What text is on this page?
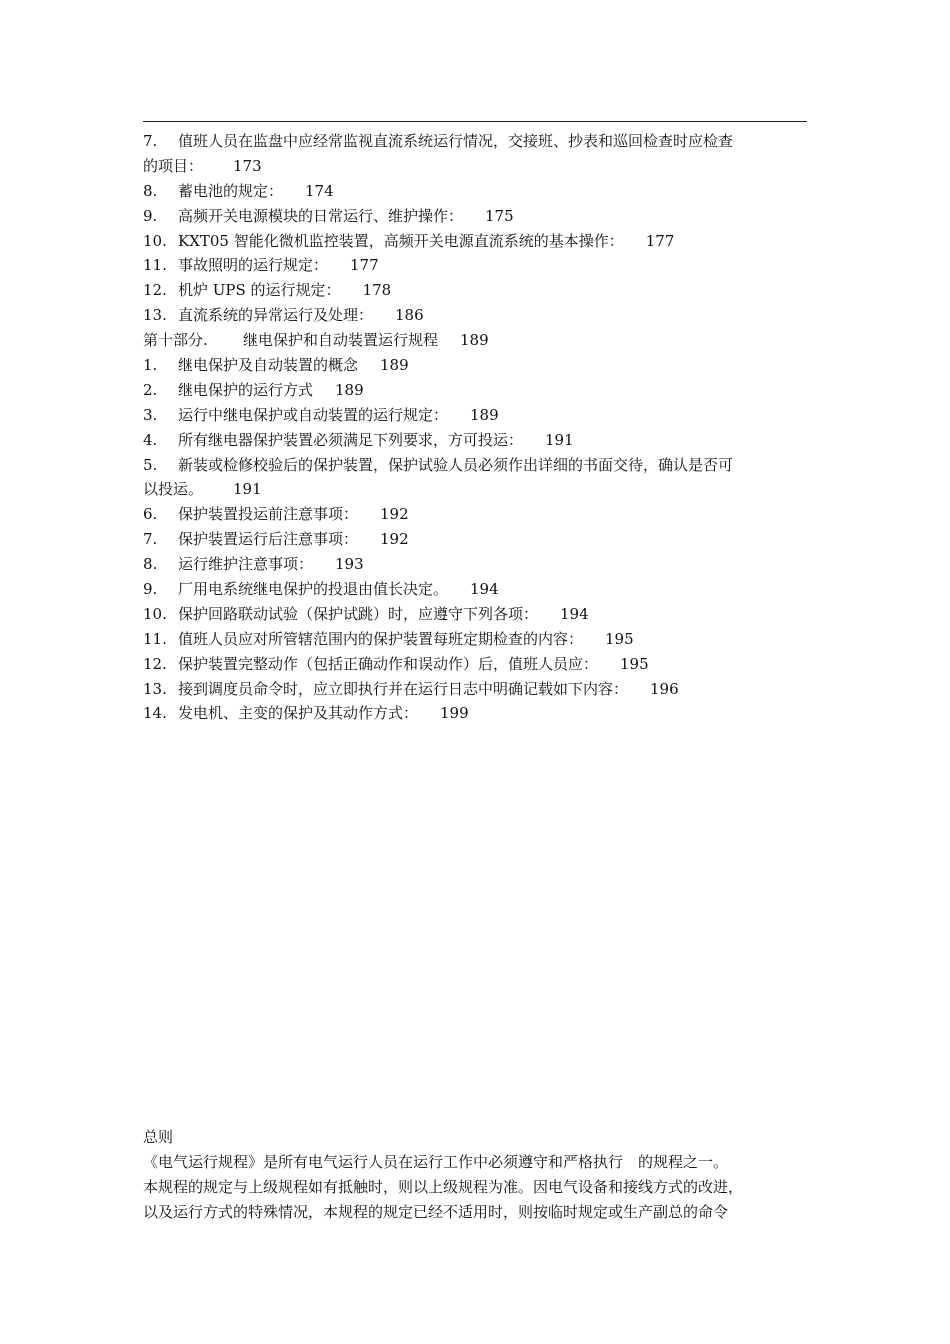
7. 值班人员在监盘中应经常监视直流系统运行情况，交接班、抄表和巡回检查时应检查
的项目： 173
8. 蓄电池的规定： 174
9. 高频开关电源模块的日常运行、维护操作： 175
10. KXT05 智能化微机监控装置，高频开关电源直流系统的基本操作： 177
11. 事故照明的运行规定： 177
12. 机炉 UPS 的运行规定： 178
13. 直流系统的异常运行及处理： 186
第十部分. 继电保护和自动装置运行规程 189
1. 继电保护及自动装置的概念 189
2. 继电保护的运行方式 189
3. 运行中继电保护或自动装置的运行规定： 189
4. 所有继电器保护装置必须满足下列要求，方可投运： 191
5. 新装或检修校验后的保护装置，保护试验人员必须作出详细的书面交待，确认是否可
以投运。 191
6. 保护装置投运前注意事项： 192
7. 保护装置运行后注意事项： 192
8. 运行维护注意事项： 193
9. 厂用电系统继电保护的投退由值长决定。 194
10. 保护回路联动试验（保护试跳）时，应遵守下列各项： 194
11. 值班人员应对所管辖范围内的保护装置每班定期检查的内容： 195
12. 保护装置完整动作（包括正确动作和误动作）后，值班人员应： 195
13. 接到调度员命令时，应立即执行并在运行日志中明确记载如下内容： 196
14. 发电机、主变的保护及其动作方式： 199
总则
《电气运行规程》是所有电气运行人员在运行工作中必须遵守和严格执行　的规程之一。
本规程的规定与上级规程如有抵触时，则以上级规程为准。因电气设备和接线方式的改进，
以及运行方式的特殊情况，本规程的规定已经不适用时，则按临时规定或生产副总的命令
